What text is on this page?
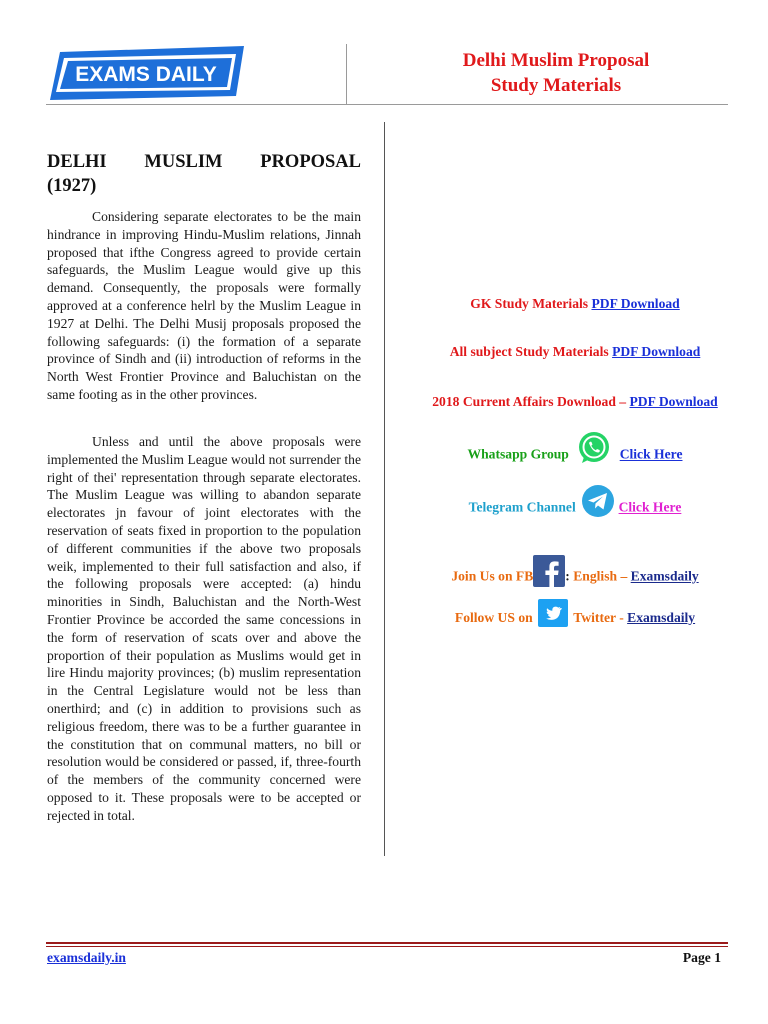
EXAMS DAILY
Delhi Muslim Proposal
Study Materials
DELHI MUSLIM PROPOSAL
(1927)
Considering separate electorates to be the main hindrance in improving Hindu-Muslim relations, Jinnah proposed that ifthe Congress agreed to provide certain safeguards, the Muslim League would give up this demand. Consequently, the proposals were formally approved at a conference helrl by the Muslim League in 1927 at Delhi. The Delhi Musij proposals proposed the following safeguards: (i) the formation of a separate province of Sindh and (ii) introduction of reforms in the North West Frontier Province and Baluchistan on the same footing as in the other provinces.
Unless and until the above proposals were implemented the Muslim League would not surrender the right of thei' representation through separate electorates. The Muslim League was willing to abandon separate electorates jn favour of joint electorates with the reservation of seats fixed in proportion to the population of different communities if the above two proposals weik, implemented to their full satisfaction and also, if the following proposals were accepted: (a) hindu minorities in Sindh, Baluchistan and the North-West Frontier Province be accorded the same concessions in the form of reservation of scats over and above the proportion of their population as Muslims would get in lire Hindu majority provinces; (b) muslim representation in the Central Legislature would not be less than onerthird; and (c) in addition to provisions such as religious freedom, there was to be a further guarantee in the constitution that on communal matters, no bill or resolution would be considered or passed, if, three-fourth of the members of the community concerned were opposed to it. These proposals were to be accepted or rejected in total.
GK Study Materials PDF Download
All subject Study Materials PDF Download
2018 Current Affairs Download – PDF Download
Whatsapp Group	Click Here
Telegram Channel	Click Here
Join Us on FB : English – Examsdaily
Follow US on	Twitter - Examsdaily
examsdaily.in	Page 1
